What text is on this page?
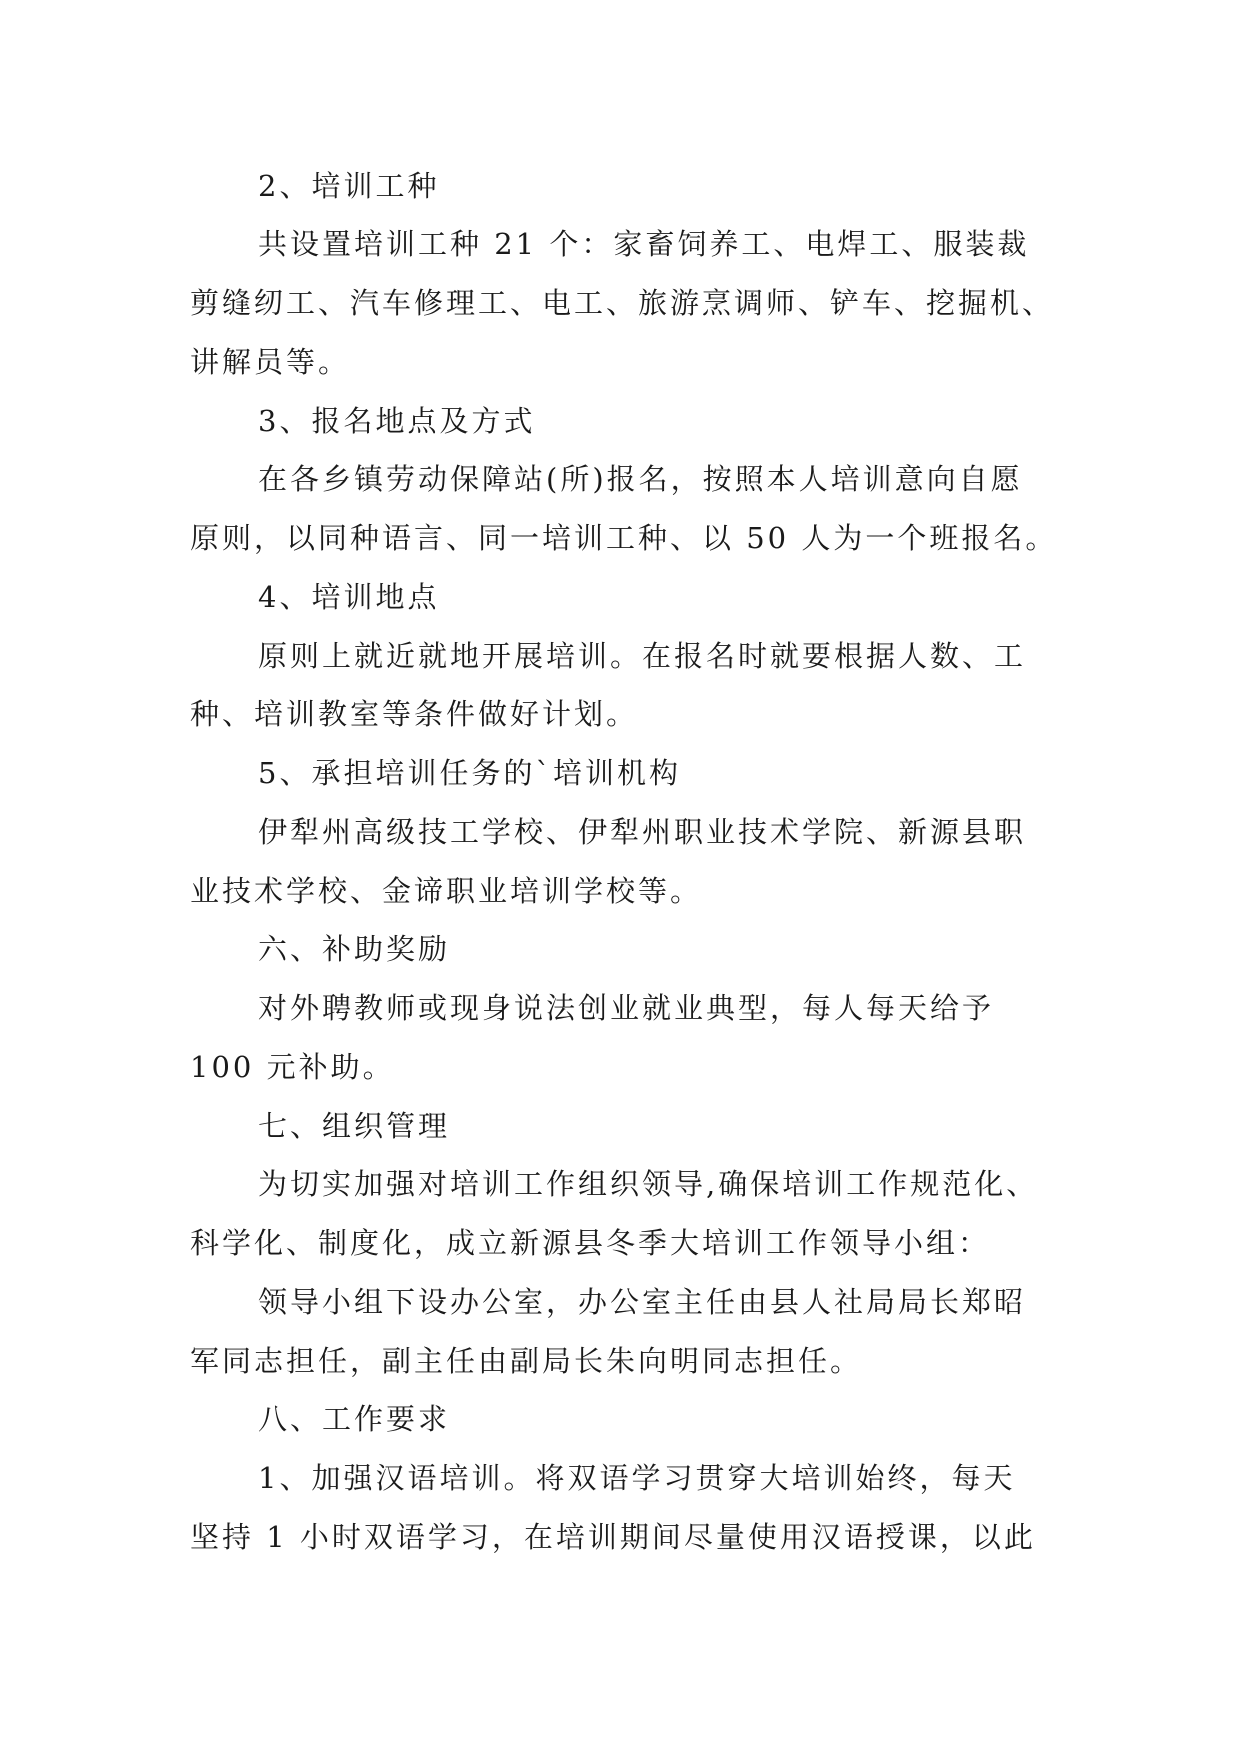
2、培训工种
共设置培训工种 21 个：家畜饲养工、电焊工、服装裁
剪缝纫工、汽车修理工、电工、旅游烹调师、铲车、挖掘机、
讲解员等。
3、报名地点及方式
在各乡镇劳动保障站(所)报名，按照本人培训意向自愿
原则，以同种语言、同一培训工种、以 50 人为一个班报名。
4、培训地点
原则上就近就地开展培训。在报名时就要根据人数、工
种、培训教室等条件做好计划。
5、承担培训任务的`培训机构
伊犁州高级技工学校、伊犁州职业技术学院、新源县职
业技术学校、金谛职业培训学校等。
六、补助奖励
对外聘教师或现身说法创业就业典型，每人每天给予
100 元补助。
七、组织管理
为切实加强对培训工作组织领导,确保培训工作规范化、
科学化、制度化，成立新源县冬季大培训工作领导小组：
领导小组下设办公室，办公室主任由县人社局局长郑昭
军同志担任，副主任由副局长朱向明同志担任。
八、工作要求
1、加强汉语培训。将双语学习贯穿大培训始终，每天
坚持 1 小时双语学习，在培训期间尽量使用汉语授课，以此
